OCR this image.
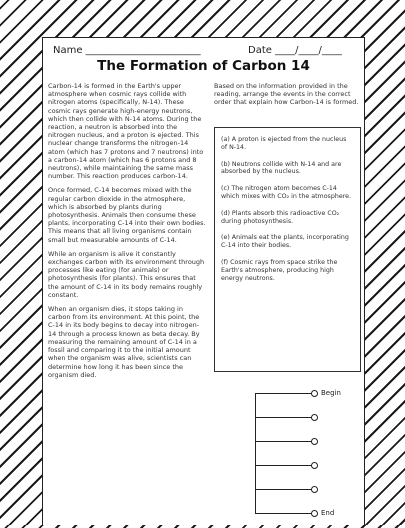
Name _______________________	Date ____/____/____
The Formation of Carbon 14

Carbon-14 is formed in the Earth's upper atmosphere when cosmic rays collide with nitrogen atoms (specifically, N-14). These cosmic rays generate high-energy neutrons, which then collide with N-14 atoms. During the reaction, a neutron is absorbed into the nitrogen nucleus, and a proton is ejected. This nuclear change transforms the nitrogen-14 atom (which has 7 protons and 7 neutrons) into a carbon-14 atom (which has 6 protons and 8 neutrons), while maintaining the same mass number. This reaction produces carbon-14.

Once formed, C-14 becomes mixed with the regular carbon dioxide in the atmosphere, which is absorbed by plants during photosynthesis. Animals then consume these plants, incorporating C-14 into their own bodies. This means that all living organisms contain small but measurable amounts of C-14.

While an organism is alive it constantly exchanges carbon with its environment through processes like eating (for animals) or photosynthesis (for plants). This ensures that the amount of C-14 in its body remains roughly constant.

When an organism dies, it stops taking in carbon from its environment. At this point, the C-14 in its body begins to decay into nitrogen-14 through a process known as beta decay. By measuring the remaining amount of C-14 in a fossil and comparing it to the initial amount when the organism was alive, scientists can determine how long it has been since the organism died.

Based on the information provided in the reading, arrange the events in the correct order that explain how Carbon-14 is formed.
(a) A proton is ejected from the nucleus of N-14.
(b) Neutrons collide with N-14 and are absorbed by the nucleus.
(c) The nitrogen atom becomes C-14 which mixes with CO₂ in the atmosphere.
(d) Plants absorb this radioactive CO₂ during photosynthesis.
(e) Animals eat the plants, incorporating C-14 into their bodies.
(f) Cosmic rays from space strike the Earth's atmosphere, producing high energy neutrons.
Begin
End
